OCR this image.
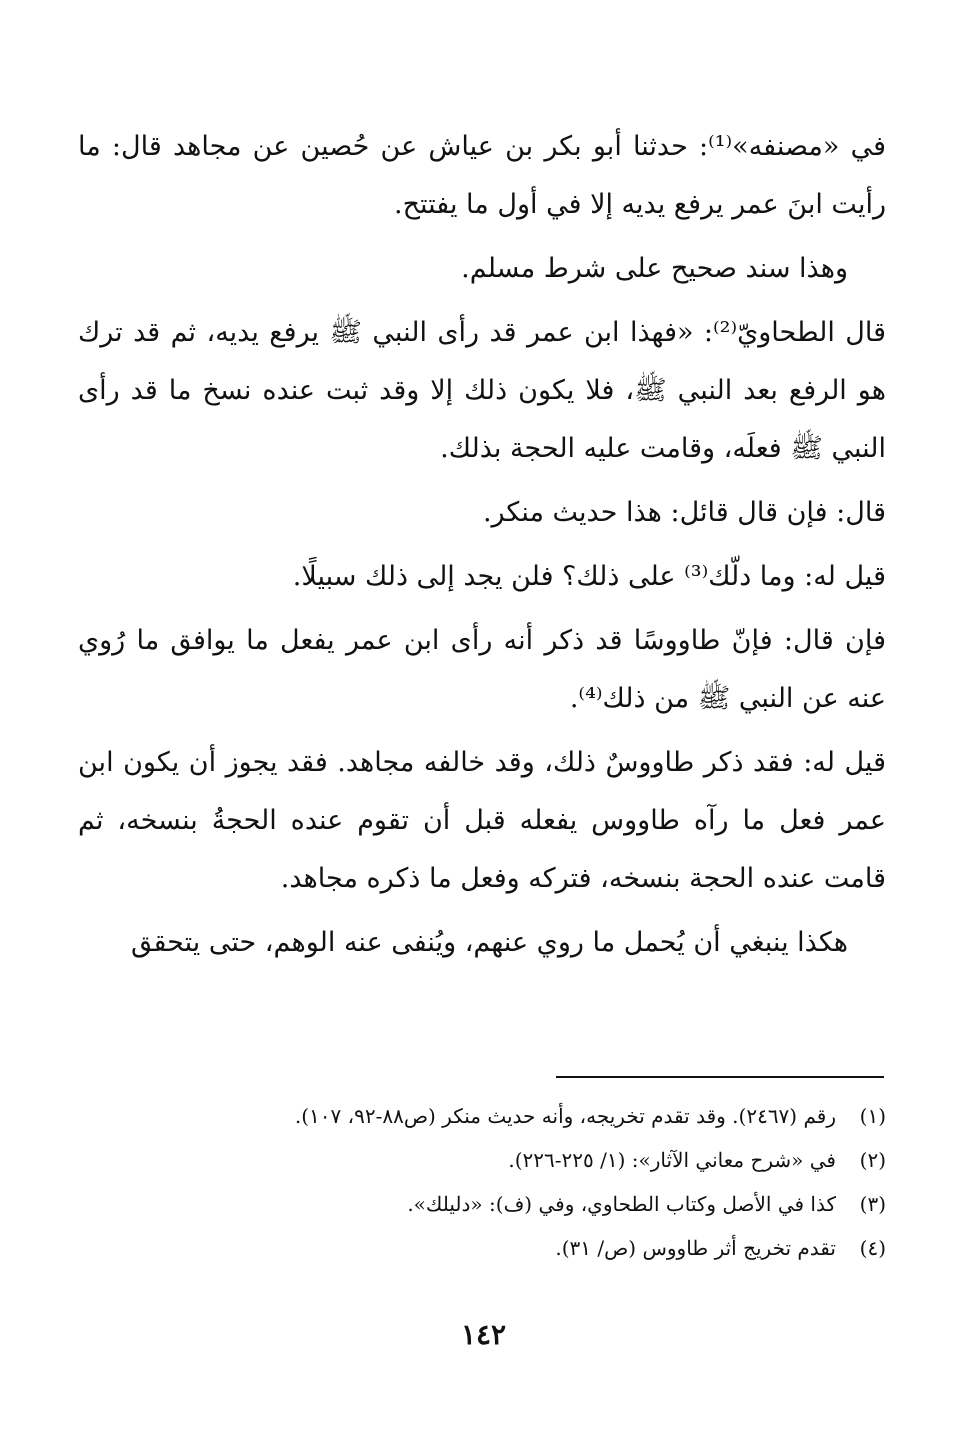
في «مصنفه»⁽¹⁾: حدثنا أبو بكر بن عياش عن حُصين عن مجاهد قال: ما رأيت ابنَ عمر يرفع يديه إلا في أول ما يفتتح.

وهذا سند صحيح على شرط مسلم.

قال الطحاويّ⁽²⁾: «فهذا ابن عمر قد رأى النبي ﷺ يرفع يديه، ثم قد ترك هو الرفع بعد النبي ﷺ، فلا يكون ذلك إلا وقد ثبت عنده نسخ ما قد رأى النبي ﷺ فعلَه، وقامت عليه الحجة بذلك.

قال: فإن قال قائل: هذا حديث منكر.

قيل له: وما دلّك⁽³⁾ على ذلك؟ فلن يجد إلى ذلك سبيلًا.

فإن قال: فإنّ طاووسًا قد ذكر أنه رأى ابن عمر يفعل ما يوافق ما رُوي عنه عن النبي ﷺ من ذلك⁽⁴⁾.

قيل له: فقد ذكر طاووسٌ ذلك، وقد خالفه مجاهد. فقد يجوز أن يكون ابن عمر فعل ما رآه طاووس يفعله قبل أن تقوم عنده الحجةُ بنسخه، ثم قامت عنده الحجة بنسخه، فتركه وفعل ما ذكره مجاهد.

هكذا ينبغي أن يُحمل ما روي عنهم، ويُنفى عنه الوهم، حتى يتحقق

(١)رقم (٢٤٦٧). وقد تقدم تخريجه، وأنه حديث منكر (ص٨٨-٩٢، ١٠٧).

(٢)في «شرح معاني الآثار»: (١/ ٢٢٥-٢٢٦).

(٣)كذا في الأصل وكتاب الطحاوي، وفي (ف): «دليلك».

(٤)تقدم تخريج أثر طاووس (ص/ ٣١).

١٤٢
